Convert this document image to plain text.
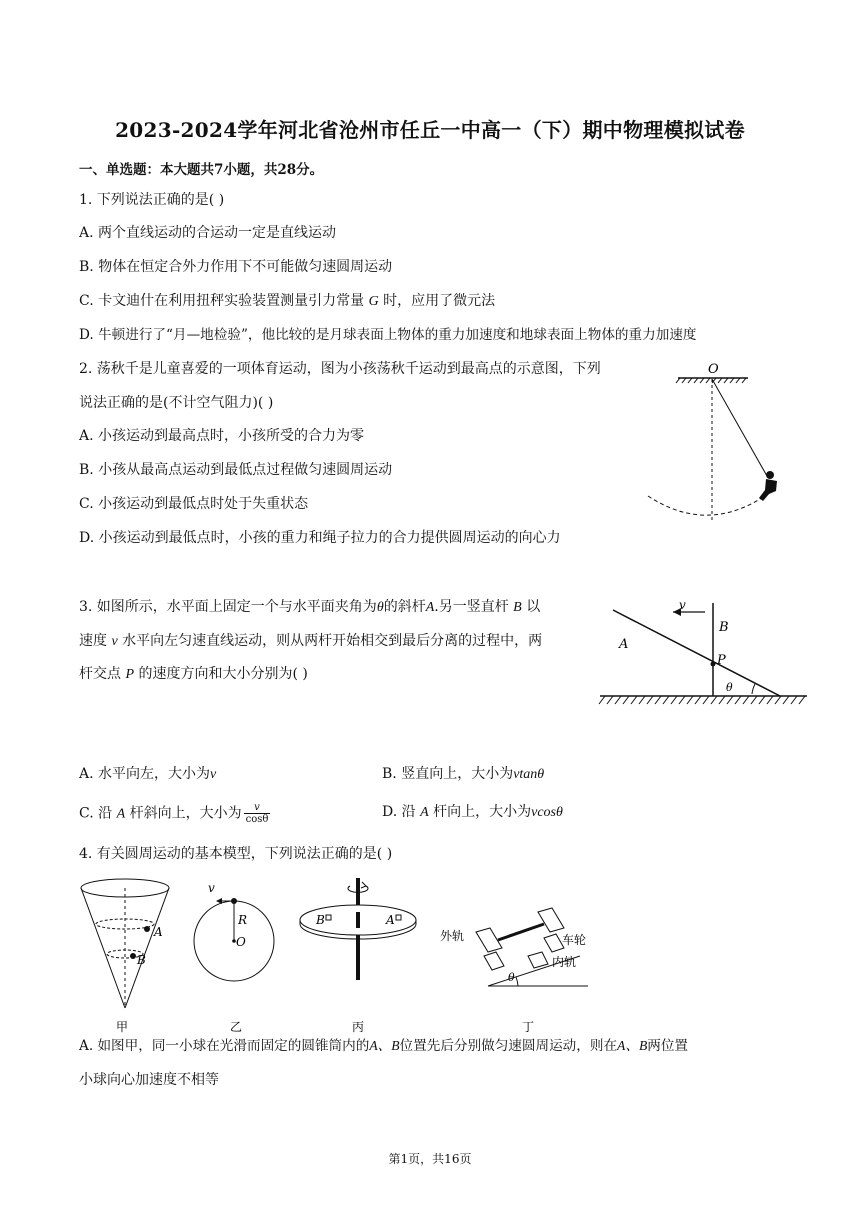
2023-2024学年河北省沧州市任丘一中高一（下）期中物理模拟试卷
一、单选题：本大题共7小题，共28分。
1. 下列说法正确的是( )
A. 两个直线运动的合运动一定是直线运动
B. 物体在恒定合外力作用下不可能做匀速圆周运动
C. 卡文迪什在利用扭秤实验装置测量引力常量 G 时，应用了微元法
D. 牛顿进行了“月—地检验”，他比较的是月球表面上物体的重力加速度和地球表面上物体的重力加速度
2. 荡秋千是儿童喜爱的一项体育运动，图为小孩荡秋千运动到最高点的示意图，下列
说法正确的是(不计空气阻力)( )
A. 小孩运动到最高点时，小孩所受的合力为零
B. 小孩从最高点运动到最低点过程做匀速圆周运动
C. 小孩运动到最低点时处于失重状态
D. 小孩运动到最低点时，小孩的重力和绳子拉力的合力提供圆周运动的向心力
O
3. 如图所示，水平面上固定一个与水平面夹角为θ的斜杆A.另一竖直杆 B 以
速度 v 水平向左匀速直线运动，则从两杆开始相交到最后分离的过程中，两
杆交点 P 的速度方向和大小分别为( )
v
B
A
P
θ
A. 水平向左，大小为v	B. 竖直向上，大小为vtanθ
C. 沿 A 杆斜向上，大小为 $\frac{v}{\cos\theta}$	D. 沿 A 杆向上，大小为vcosθ
4. 有关圆周运动的基本模型，下列说法正确的是( )
A
B
甲
v
R
O
乙
B	A
丙
θ
外轨	车轮
内轨
丁
A. 如图甲，同一小球在光滑而固定的圆锥筒内的A、B位置先后分别做匀速圆周运动，则在A、B两位置
小球向心加速度不相等
第1页，共16页
